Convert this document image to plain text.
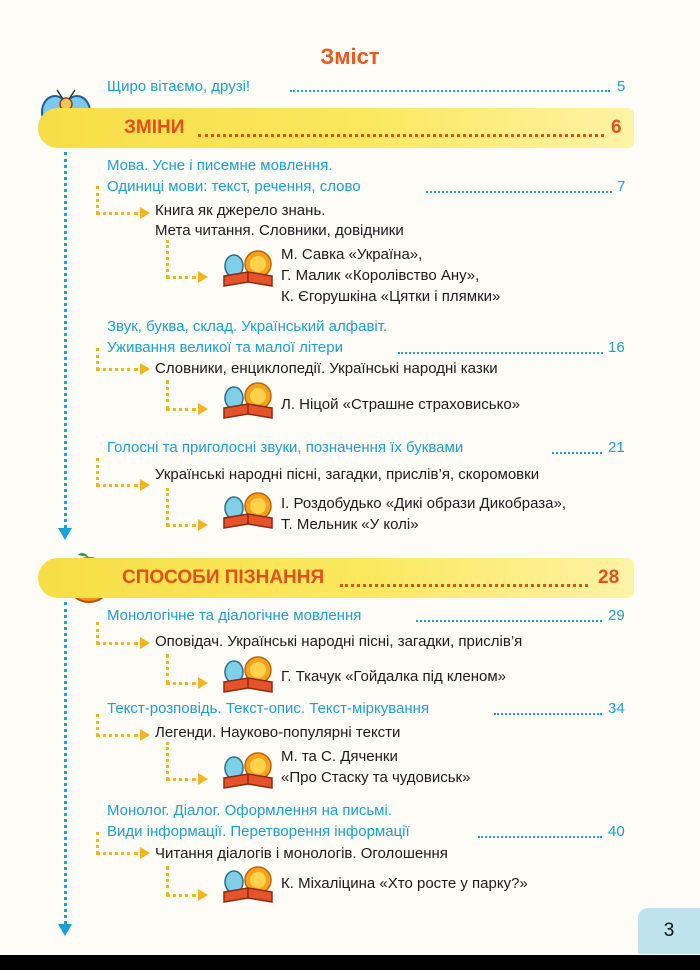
Зміст
Щиро вітаємо, друзі!	5
ЗМІНИ	6
Мова. Усне і писемне мовлення.
Одиниці мови: текст, речення, слово	7
Книга як джерело знань.
Мета читання. Словники, довідники
М. Савка «Україна»,
Г. Малик «Королівство Ану»,
К. Єгорушкіна «Цятки і плямки»
Звук, буква, склад. Український алфавіт.
Уживання великої та малої літери	16
Словники, енциклопедії. Українські народні казки
Л. Ніцой «Страшне страховисько»
Голосні та приголосні звуки, позначення їх буквами	21
Українські народні пісні, загадки, прислів’я, скоромовки
І. Роздобудько «Дикі образи Дикобраза»,
Т. Мельник «У колі»
СПОСОБИ ПІЗНАННЯ	28
Монологічне та діалогічне мовлення	29
Оповідач. Українські народні пісні, загадки, прислів’я
Г. Ткачук «Гойдалка під кленом»
Текст-розповідь. Текст-опис. Текст-міркування	34
Легенди. Науково-популярні тексти
М. та С. Дяченки
«Про Стаску та чудовиськ»
Монолог. Діалог. Оформлення на письмі.
Види інформації. Перетворення інформації	40
Читання діалогів і монологів. Оголошення
К. Міхаліцина «Хто росте у парку?»
3
